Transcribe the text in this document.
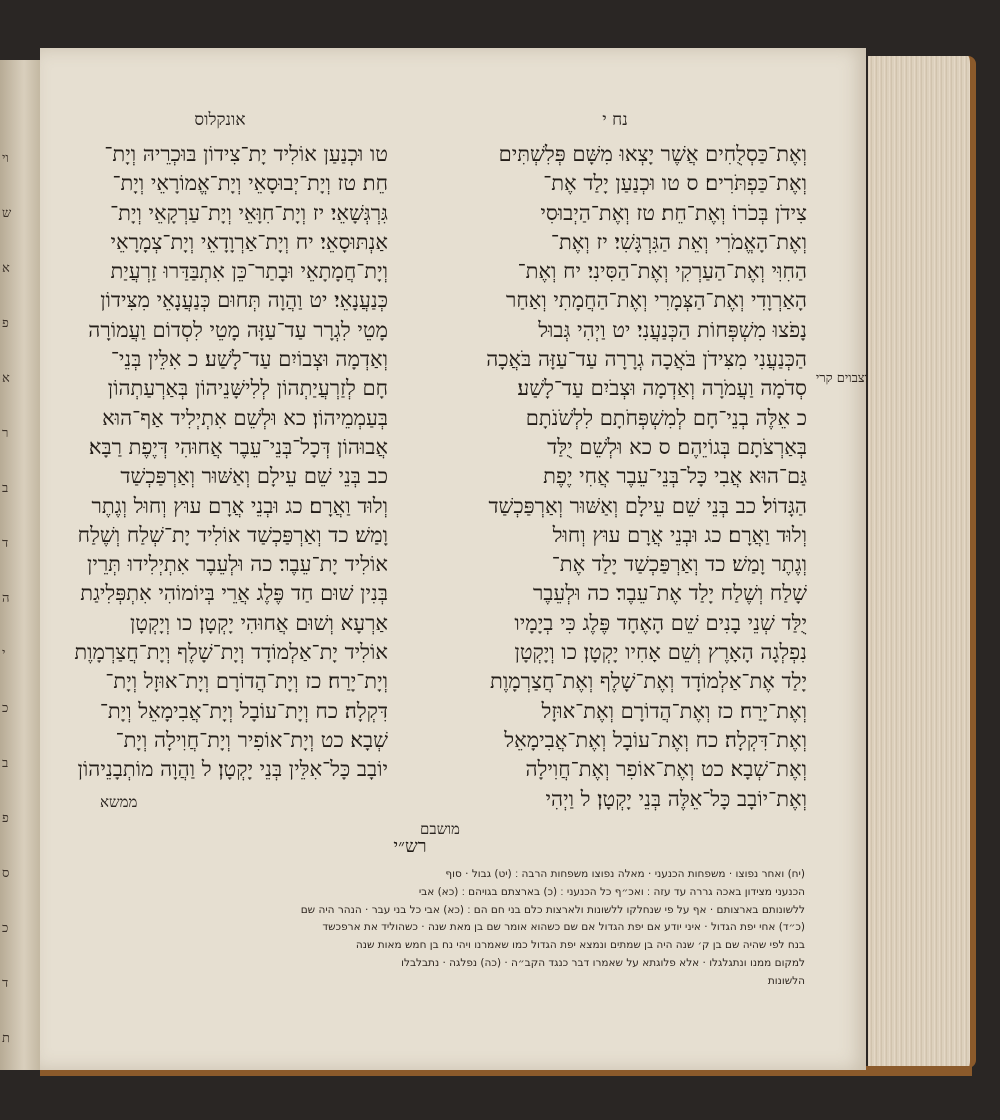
וי
ש
א
פ
א
ר
ב
ד
ה
י
כ
ב
פ
ס
כ
ד
ת
נח י
אונקלוס
וְאֶת־כַּסְלֻחִים אֲשֶׁר יָצְאוּ מִשָּׁם פְּלִשְׁתִּים
וְאֶת־כַּפְתֹּרִים׃ ס טו וּכְנַעַן יָלַד אֶת־
צִידֹן בְּכֹרוֹ וְאֶת־חֵת׃ טז וְאֶת־הַיְבוּסִי
וְאֶת־הָאֱמֹרִי וְאֵת הַגִּרְגָּשִׁי׃ יז וְאֶת־
הַחִוִּי וְאֶת־הַעַרְקִי וְאֶת־הַסִּינִי׃ יח וְאֶת־
הָאַרְוָדִי וְאֶת־הַצְּמָרִי וְאֶת־הַחֲמָתִי וְאַחַר
נָפֹצוּ מִשְׁפְּחוֹת הַכְּנַעֲנִי׃ יט וַיְהִי גְּבוּל
הַכְּנַעֲנִי מִצִּידֹן בֹּאֲכָה גְרָרָה עַד־עַזָּה בֹּאֲכָה
סְדֹמָה וַעֲמֹרָה וְאַדְמָה וּצְבֹיִם עַד־לָשַׁע׃
כ אֵלֶּה בְנֵי־חָם לְמִשְׁפְּחֹתָם לִלְשֹׁנֹתָם
בְּאַרְצֹתָם בְּגוֹיֵהֶם׃ ס כא וּלְשֵׁם יֻלַּד
גַּם־הוּא אֲבִי כָּל־בְּנֵי־עֵבֶר אֲחִי יֶפֶת
הַגָּדוֹל׃ כב בְּנֵי שֵׁם עֵילָם וְאַשּׁוּר וְאַרְפַּכְשַׁד
וְלוּד וַאֲרָם׃ כג וּבְנֵי אֲרָם עוּץ וְחוּל
וְגֶתֶר וָמַשׁ׃ כד וְאַרְפַּכְשַׁד יָלַד אֶת־
שָׁלַח וְשֶׁלַח יָלַד אֶת־עֵבֶר׃ כה וּלְעֵבֶר
יֻלַּד שְׁנֵי בָנִים שֵׁם הָאֶחָד פֶּלֶג כִּי בְיָמָיו
נִפְלְגָה הָאָרֶץ וְשֵׁם אָחִיו יָקְטָן׃ כו וְיָקְטָן
יָלַד אֶת־אַלְמוֹדָד וְאֶת־שָׁלֶף וְאֶת־חֲצַרְמָוֶת
וְאֶת־יָרַח׃ כז וְאֶת־הֲדוֹרָם וְאֶת־אוּזָל
וְאֶת־דִּקְלָה׃ כח וְאֶת־עוֹבָל וְאֶת־אֲבִימָאֵל
וְאֶת־שְׁבָא׃ כט וְאֶת־אוֹפִר וְאֶת־חֲוִילָה
וְאֶת־יוֹבָב כָּל־אֵלֶּה בְּנֵי יָקְטָן׃ ל וַיְהִי
טו וּכְנַעַן אוֹלִיד יָת־צִידוֹן בּוּכְרֵיהּ וְיָת־
חֵת׃ טז וְיָת־יְבוּסָאֵי וְיָת־אֱמוֹרָאֵי וְיָת־
גִּרְגְּשָׁאֵי׃ יז וְיָת־חִוָּאֵי וְיָת־עַרְקָאֵי וְיָת־
אַנְתּוּסָאֵי׃ יח וְיָת־אַרְוָדָאֵי וְיָת־צְמָרָאֵי
וְיָת־חֲמָתָאֵי וּבָתַר־כֵּן אִתְבַּדַּרוּ זַרְעֲיַת
כְּנַעֲנָאֵי׃ יט וַהֲוָה תְּחוּם כְּנַעֲנָאֵי מִצִּידוֹן
מָטֵי לִגְרָר עַד־עַזָּה מָטֵי לִסְדוֹם וַעֲמוֹרָה
וְאַדְמָה וּצְבוֹיִם עַד־לָשַׁע׃ כ אִלֵּין בְּנֵי־
חָם לְזַרְעֲיַתְהוֹן לְלִישָּׁנֵיהוֹן בְּאַרְעַתְהוֹן
בְּעַמְמֵיהוֹן׃ כא וּלְשֵׁם אִתְיְלִיד אַף־הוּא
אֲבוּהוֹן דְּכָל־בְּנֵי־עֵבֶר אֲחוּהִי דְּיֶפֶת רַבָּא׃
כב בְּנֵי שֵׁם עֵילָם וְאַשּׁוּר וְאַרְפַּכְשַׁד
וְלוּד וַאֲרָם׃ כג וּבְנֵי אֲרָם עוּץ וְחוּל וְגֶתֶר
וָמַשׁ׃ כד וְאַרְפַּכְשַׁד אוֹלִיד יָת־שְׁלַח וְשֶׁלַח
אוֹלִיד יָת־עֵבֶר׃ כה וּלְעֵבֶר אִתְיְלִידוּ תְּרֵין
בְּנִין שׁוּם חַד פֶּלֶג אֲרֵי בְּיוֹמוֹהִי אִתְפְּלִיגַת
אַרְעָא וְשׁוּם אֲחוּהִי יָקְטָן׃ כו וְיָקְטָן
אוֹלִיד יָת־אַלְמוֹדָד וְיָת־שָׁלֶף וְיָת־חֲצַרְמָוֶת
וְיָת־יָרַח׃ כז וְיָת־הֲדוֹרָם וְיָת־אוּזָל וְיָת־
דִּקְלָה׃ כח וְיָת־עוֹבָל וְיָת־אֲבִימָאֵל וְיָת־
שְׁבָא׃ כט וְיָת־אוֹפִיר וְיָת־חֲוִילָה וְיָת־
יוֹבָב כָּל־אִלֵּין בְּנֵי יָקְטָן׃ ל וַהֲוָה מוֹתְבָנֵיהוֹן
וצבוים קרי
מושבם
ממשא
רש״י
(יח) ואחר נפוצו · משפחות הכנעני · מאלה נפוצו משפחות הרבה ׃ (יט) גבול · סוף
הכנעני מצידון באכה גררה עד עזה ׃ ואכ״ף כל הכנעני ׃ (כ) בארצתם בגויהם ׃ (כא) אבי
ללשונותם בארצותם · אף על פי שנחלקו ללשונות ולארצות כלם בני חם הם ׃ (כא) אבי כל בני עבר · הנהר היה שם
(כ״ד) אחי יפת הגדול · איני יודע אם יפת הגדול אם שם כשהוא אומר שם בן מאת שנה · כשהוליד את ארפכשד
בנח לפי שהיה שם בן ק׳ שנה היה בן שמתים ונמצא יפת הגדול כמו שאמרנו ויהי נח בן חמש מאות שנה
למקום ממנו ונתגלגלו · אלא פלוגתא על שאמרו דבר כנגד הקב״ה · (כה) נפלגה · נתבלבלו
הלשונות
